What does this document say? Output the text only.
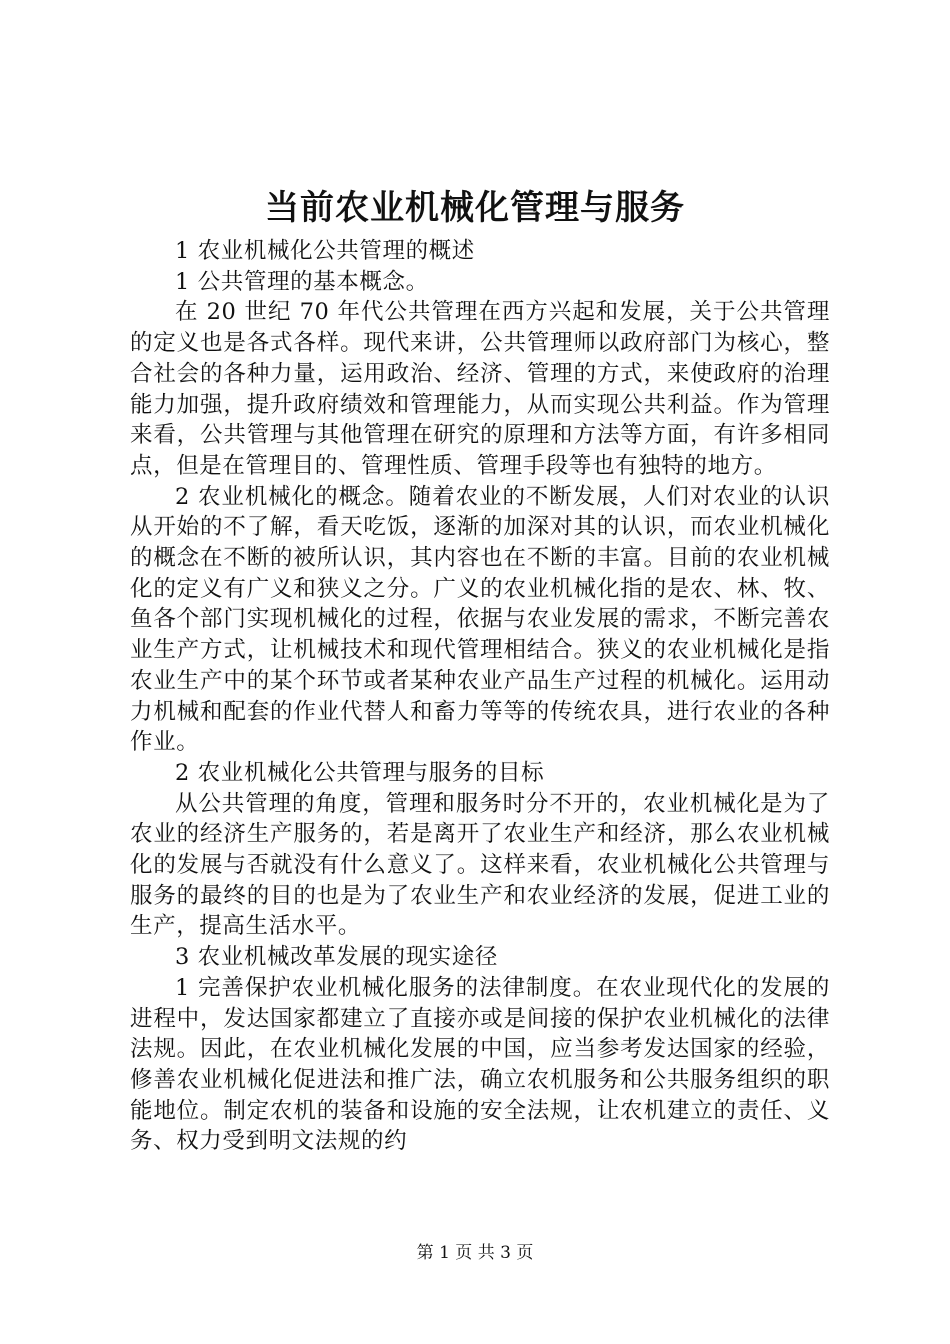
当前农业机械化管理与服务

1 农业机械化公共管理的概述

1 公共管理的基本概念。

在 20 世纪 70 年代公共管理在西方兴起和发展，关于公共管理的定义也是各式各样。现代来讲，公共管理师以政府部门为核心，整合社会的各种力量，运用政治、经济、管理的方式，来使政府的治理能力加强，提升政府绩效和管理能力，从而实现公共利益。作为管理来看，公共管理与其他管理在研究的原理和方法等方面，有许多相同点，但是在管理目的、管理性质、管理手段等也有独特的地方。

2 农业机械化的概念。随着农业的不断发展，人们对农业的认识从开始的不了解，看天吃饭，逐渐的加深对其的认识，而农业机械化的概念在不断的被所认识，其内容也在不断的丰富。目前的农业机械化的定义有广义和狭义之分。广义的农业机械化指的是农、林、牧、鱼各个部门实现机械化的过程，依据与农业发展的需求，不断完善农业生产方式，让机械技术和现代管理相结合。狭义的农业机械化是指农业生产中的某个环节或者某种农业产品生产过程的机械化。运用动力机械和配套的作业代替人和畜力等等的传统农具，进行农业的各种作业。

2 农业机械化公共管理与服务的目标

从公共管理的角度，管理和服务时分不开的，农业机械化是为了农业的经济生产服务的，若是离开了农业生产和经济，那么农业机械化的发展与否就没有什么意义了。这样来看，农业机械化公共管理与服务的最终的目的也是为了农业生产和农业经济的发展，促进工业的生产，提高生活水平。

3 农业机械改革发展的现实途径

1 完善保护农业机械化服务的法律制度。在农业现代化的发展的进程中，发达国家都建立了直接亦或是间接的保护农业机械化的法律法规。因此，在农业机械化发展的中国，应当参考发达国家的经验，修善农业机械化促进法和推广法，确立农机服务和公共服务组织的职能地位。制定农机的装备和设施的安全法规，让农机建立的责任、义务、权力受到明文法规的约

第 1 页 共 3 页
